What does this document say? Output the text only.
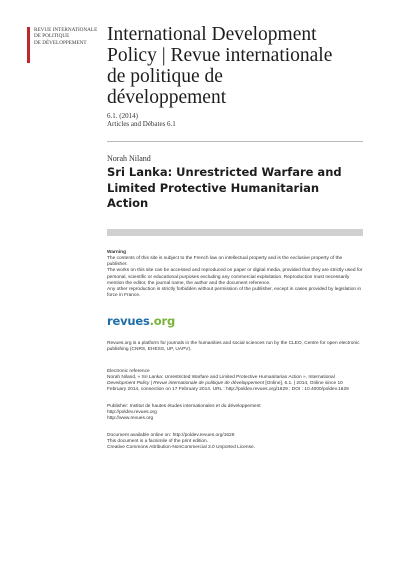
REVUE INTERNATIONALE
DE POLITIQUE
DE DÉVELOPPEMENT	International Development
Policy | Revue internationale
de politique de
développement
6.1. (2014)
Articles and Débates 6.1
Norah Niland
Sri Lanka: Unrestricted Warfare and
Limited Protective Humanitarian
Action
Warning

The contents of this site is subject to the French law on intellectual property and is the exclusive property of the publisher.

The works on this site can be accessed and reproduced on paper or digital media, provided that they are strictly used for personal, scientific or educational purposes excluding any commercial exploitation. Reproduction must necessarily mention the editor, the journal name, the author and the document reference.

Any other reproduction is strictly forbidden without permission of the publisher, except in cases provided by legislation in force in France.

revues.org
Revues.org is a platform for journals in the humanities and social sciences run by the CLEO, Centre for open electronic publishing (CNRS, EHESS, UP, UAPV).
Electronic reference
Norah Niland, « Sri Lanka: Unrestricted Warfare and Limited Protective Humanitarian Action », International
Development Policy | Revue internationale de politique de développement [Online], 6.1. | 2014, Online since 10
February 2014, connection on 17 February 2014. URL : http://poldev.revues.org/1629 ; DOI : 10.4000/poldev.1629
Publisher: Institut de hautes études internationales et du développement
http://poldev.revues.org
http://www.revues.org
Document available online on: http://poldev.revues.org/1629
This document is a facsimile of the print edition.
Creative Commons Attribution-NonCommercial 3.0 Unported License.
